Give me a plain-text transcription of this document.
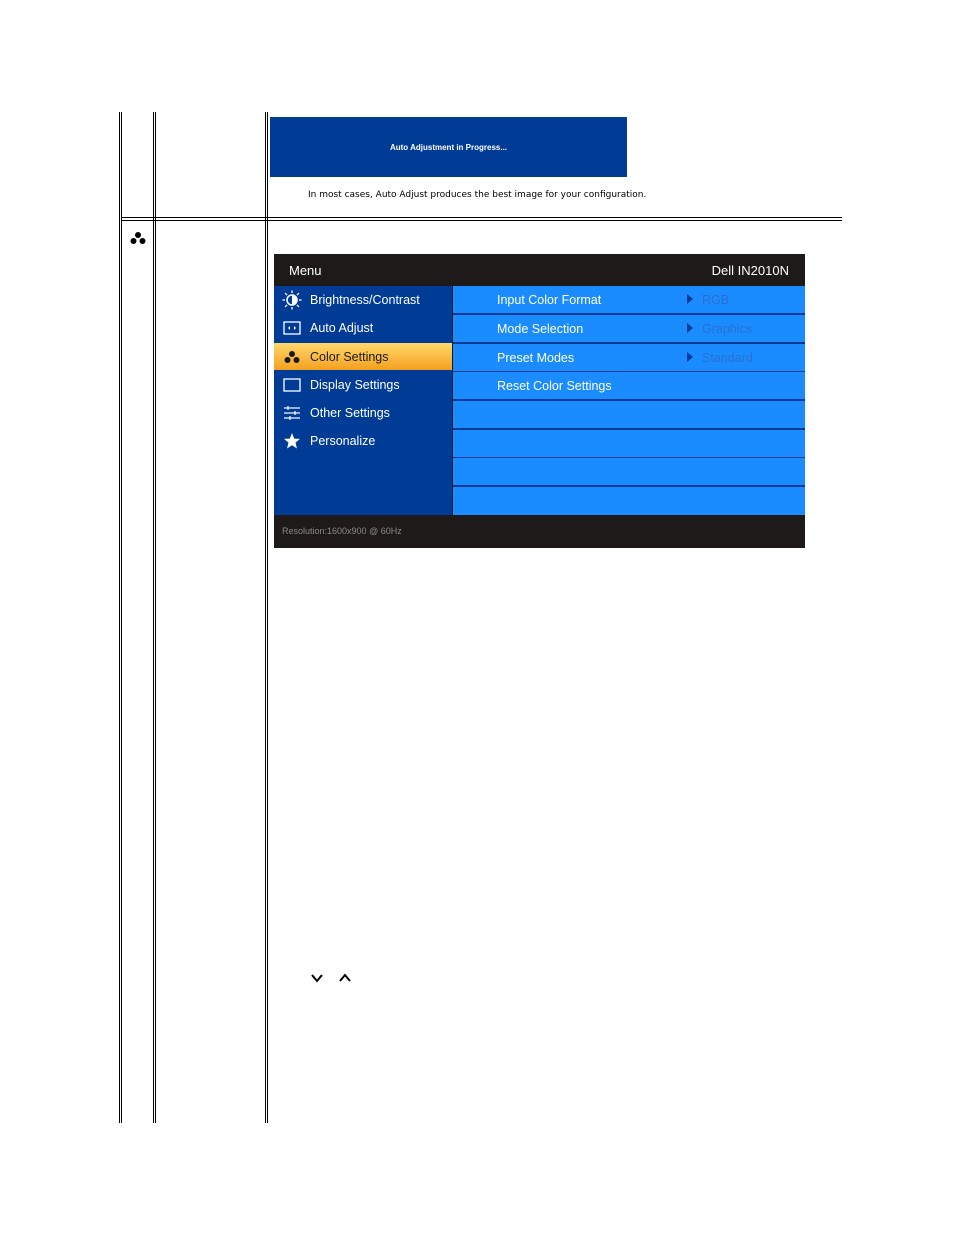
Auto Adjustment in Progress...
In most cases, Auto Adjust produces the best image for your configuration.
Menu	Dell IN2010N
Brightness/Contrast
Auto Adjust
Color Settings
Display Settings
Other Settings
Personalize
Input Color Format	RGB
Mode Selection	Graphics
Preset Modes	Standard
Reset Color Settings
Resolution:1600x900 @ 60Hz
